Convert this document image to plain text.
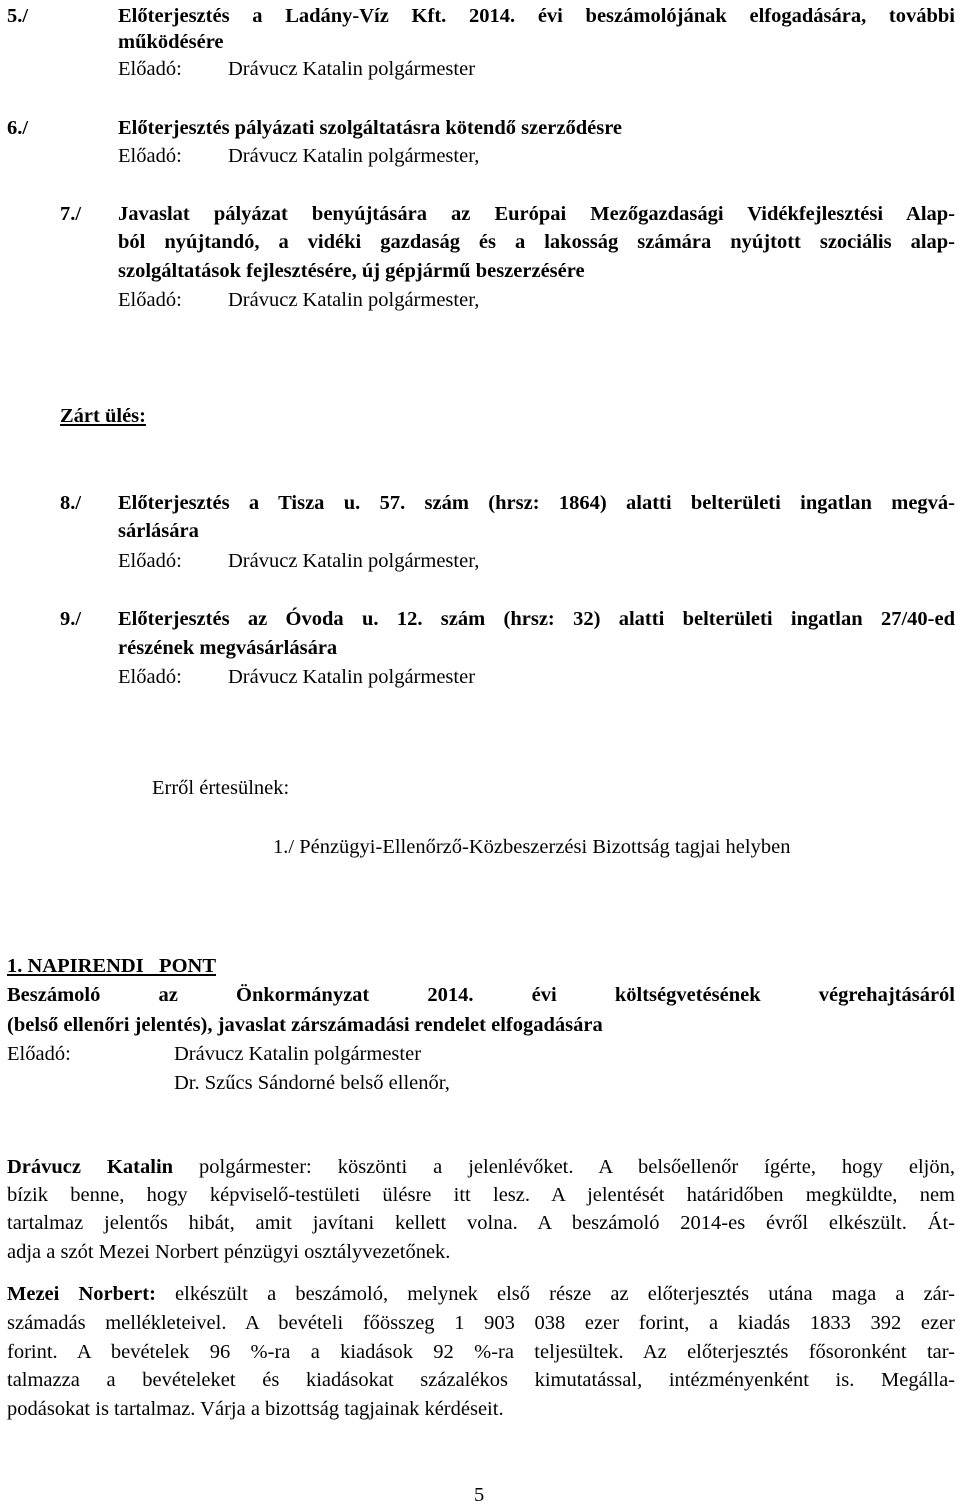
5./	Előterjesztés a Ladány-Víz Kft. 2014. évi beszámolójának elfogadására, további
működésére
Előadó: Drávucz Katalin polgármester
6./	Előterjesztés pályázati szolgáltatásra kötendő szerződésre
Előadó: Drávucz Katalin polgármester,
7./ Javaslat pályázat benyújtására az Európai Mezőgazdasági Vidékfejlesztési Alap-
ból nyújtandó, a vidéki gazdaság és a lakosság számára nyújtott szociális alap-
szolgáltatások fejlesztésére, új gépjármű beszerzésére
Előadó: Drávucz Katalin polgármester,
Zárt ülés:
8./ Előterjesztés a Tisza u. 57. szám (hrsz: 1864) alatti belterületi ingatlan megvá-
sárlására
Előadó: Drávucz Katalin polgármester,
9./ Előterjesztés az Óvoda u. 12. szám (hrsz: 32) alatti belterületi ingatlan 27/40-ed
részének megvásárlására
Előadó: Drávucz Katalin polgármester
Erről értesülnek:
1./ Pénzügyi-Ellenőrző-Közbeszerzési Bizottság tagjai helyben
1. NAPIRENDI   PONT
Beszámoló az Önkormányzat 2014. évi költségvetésének végrehajtásáról
(belső ellenőri jelentés), javaslat zárszámadási rendelet elfogadására
Előadó:	Drávucz Katalin polgármester
Dr. Szűcs Sándorné belső ellenőr,
Drávucz Katalin polgármester: köszönti a jelenlévőket. A belsőellenőr ígérte, hogy eljön,
bízik benne, hogy képviselő-testületi ülésre itt lesz. A jelentését határidőben megküldte, nem
tartalmaz jelentős hibát, amit javítani kellett volna. A beszámoló 2014-es évről elkészült. Át-
adja a szót Mezei Norbert pénzügyi osztályvezetőnek.
Mezei Norbert: elkészült a beszámoló, melynek első része az előterjesztés utána maga a zár-
számadás mellékleteivel. A bevételi főösszeg 1 903 038 ezer forint, a kiadás 1833 392 ezer
forint. A bevételek 96 %-ra a kiadások 92 %-ra teljesültek. Az előterjesztés fősoronként tar-
talmazza a bevételeket és kiadásokat százalékos kimutatással, intézményenként is. Megálla-
podásokat is tartalmaz. Várja a bizottság tagjainak kérdéseit.
5
